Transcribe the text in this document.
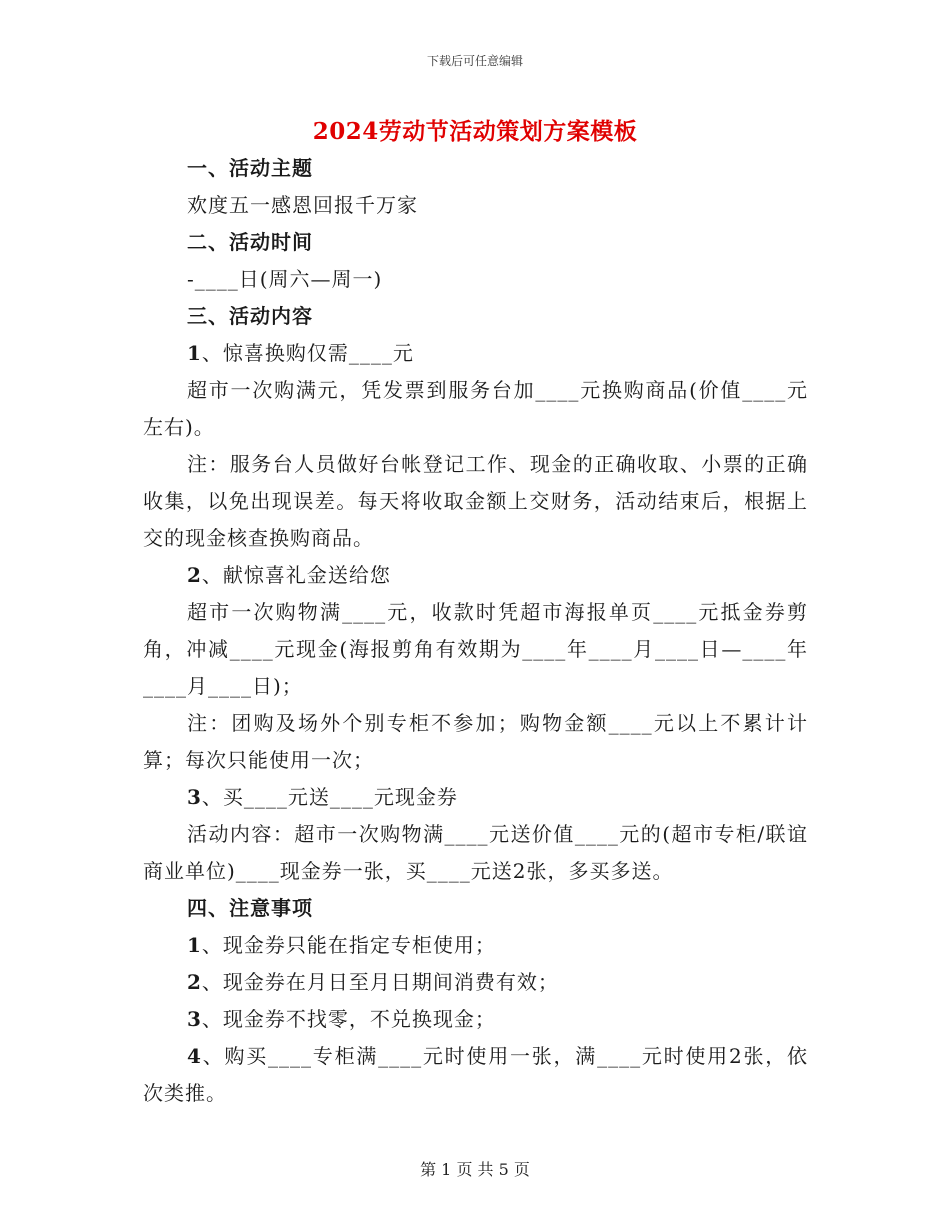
下载后可任意编辑
2024劳动节活动策划方案模板

一、活动主题

欢度五一感恩回报千万家

二、活动时间

-____日(周六—周一)

三、活动内容

1、惊喜换购仅需____元

超市一次购满元，凭发票到服务台加____元换购商品(价值____元左右)。

注：服务台人员做好台帐登记工作、现金的正确收取、小票的正确收集，以免出现误差。每天将收取金额上交财务，活动结束后，根据上交的现金核查换购商品。

2、献惊喜礼金送给您

超市一次购物满____元，收款时凭超市海报单页____元抵金券剪角，冲减____元现金(海报剪角有效期为____年____月____日—____年____月____日)；

注：团购及场外个别专柜不参加；购物金额____元以上不累计计算；每次只能使用一次；

3、买____元送____元现金券

活动内容：超市一次购物满____元送价值____元的(超市专柜/联谊商业单位)____现金券一张，买____元送2张，多买多送。

四、注意事项

1、现金券只能在指定专柜使用；

2、现金券在月日至月日期间消费有效；

3、现金券不找零，不兑换现金；

4、购买____专柜满____元时使用一张，满____元时使用2张，依次类推。

第 1 页 共 5 页
